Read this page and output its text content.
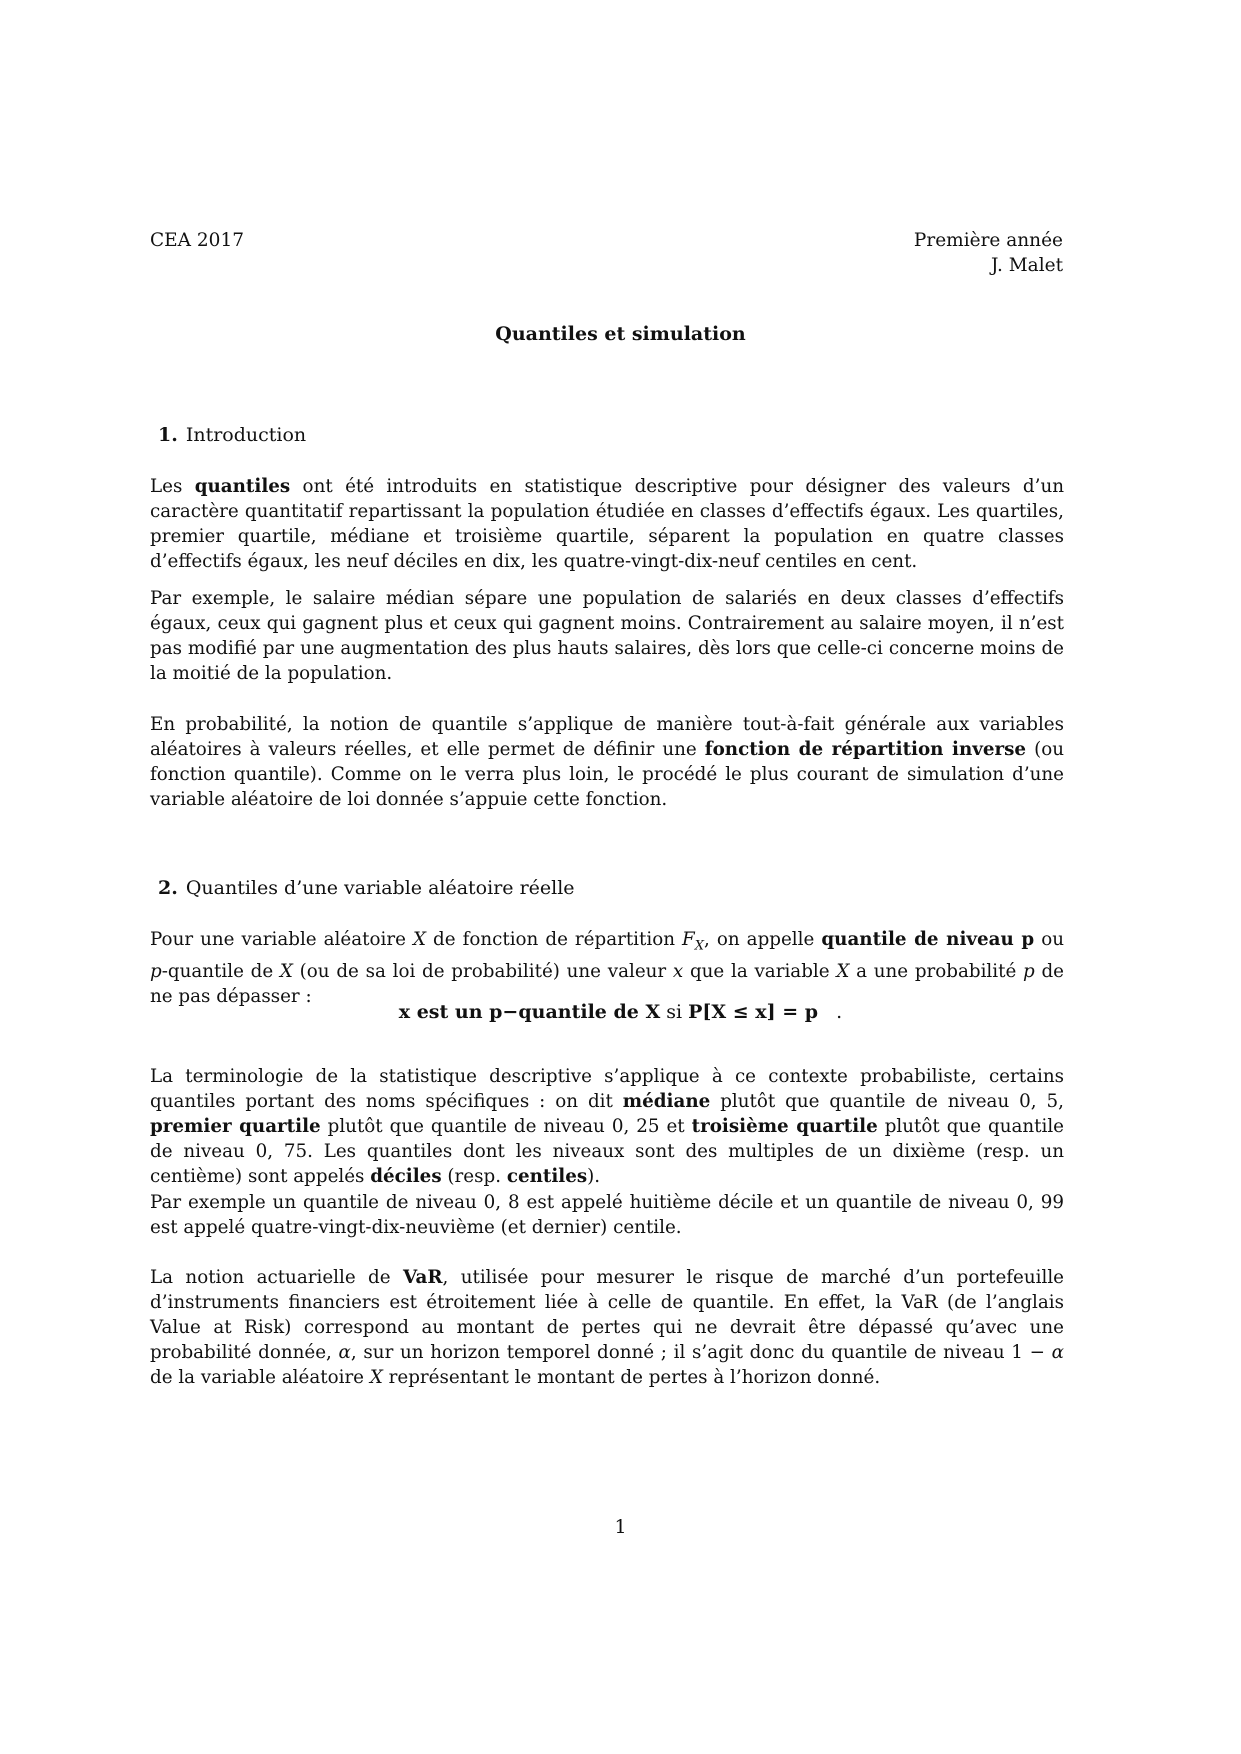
CEA 2017	Première année
J. Malet
Quantiles et simulation
1. Introduction

Les quantiles ont été introduits en statistique descriptive pour désigner des valeurs d’un caractère quantitatif repartissant la population étudiée en classes d’effectifs égaux. Les quartiles, premier quartile, médiane et troisième quartile, séparent la population en quatre classes d’effectifs égaux, les neuf déciles en dix, les quatre-vingt-dix-neuf centiles en cent.

Par exemple, le salaire médian sépare une population de salariés en deux classes d’effectifs égaux, ceux qui gagnent plus et ceux qui gagnent moins. Contrairement au salaire moyen, il n’est pas modifié par une augmentation des plus hauts salaires, dès lors que celle-ci concerne moins de la moitié de la population.

En probabilité, la notion de quantile s’applique de manière tout-à-fait générale aux variables aléatoires à valeurs réelles, et elle permet de définir une fonction de répartition inverse (ou fonction quantile). Comme on le verra plus loin, le procédé le plus courant de simulation d’une variable aléatoire de loi donnée s’appuie cette fonction.

2. Quantiles d’une variable aléatoire réelle

Pour une variable aléatoire X de fonction de répartition $F_X$, on appelle quantile de niveau p ou p-quantile de X (ou de sa loi de probabilité) une valeur x que la variable X a une probabilité p de ne pas dépasser :

x est un p−quantile de X si P[X ≤ x] = p   .

La terminologie de la statistique descriptive s’applique à ce contexte probabiliste, certains quantiles portant des noms spécifiques : on dit médiane plutôt que quantile de niveau 0, 5, premier quartile plutôt que quantile de niveau 0, 25 et troisième quartile plutôt que quantile de niveau 0, 75. Les quantiles dont les niveaux sont des multiples de un dixième (resp. un centième) sont appelés déciles (resp. centiles).

Par exemple un quantile de niveau 0, 8 est appelé huitième décile et un quantile de niveau 0, 99 est appelé quatre-vingt-dix-neuvième (et dernier) centile.

La notion actuarielle de VaR, utilisée pour mesurer le risque de marché d’un portefeuille d’instruments financiers est étroitement liée à celle de quantile. En effet, la VaR (de l’anglais Value at Risk) correspond au montant de pertes qui ne devrait être dépassé qu’avec une probabilité donnée, α, sur un horizon temporel donné ; il s’agit donc du quantile de niveau 1 − α de la variable aléatoire X représentant le montant de pertes à l’horizon donné.

1
